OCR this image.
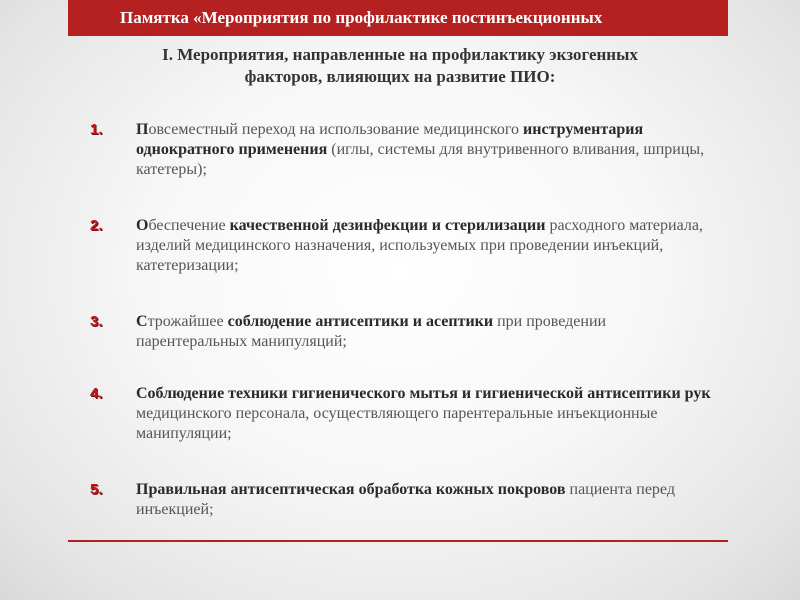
Памятка «Мероприятия по профилактике постинъекционных
I. Мероприятия, направленные на профилактику экзогенных
факторов, влияющих на развитие ПИО:
1.	Повсеместный переход на использование медицинского инструментария однократного применения (иглы, системы для внутривенного вливания, шприцы, катетеры);
2.	Обеспечение качественной дезинфекции и стерилизации расходного материала, изделий медицинского назначения, используемых при проведении инъекций, катетеризации;
3.	Строжайшее соблюдение антисептики и асептики при проведении парентеральных манипуляций;
4.	Соблюдение техники гигиенического мытья и гигиенической антисептики рук медицинского персонала, осуществляющего парентеральные инъекционные манипуляции;
5.	Правильная антисептическая обработка кожных покровов пациента перед инъекцией;
